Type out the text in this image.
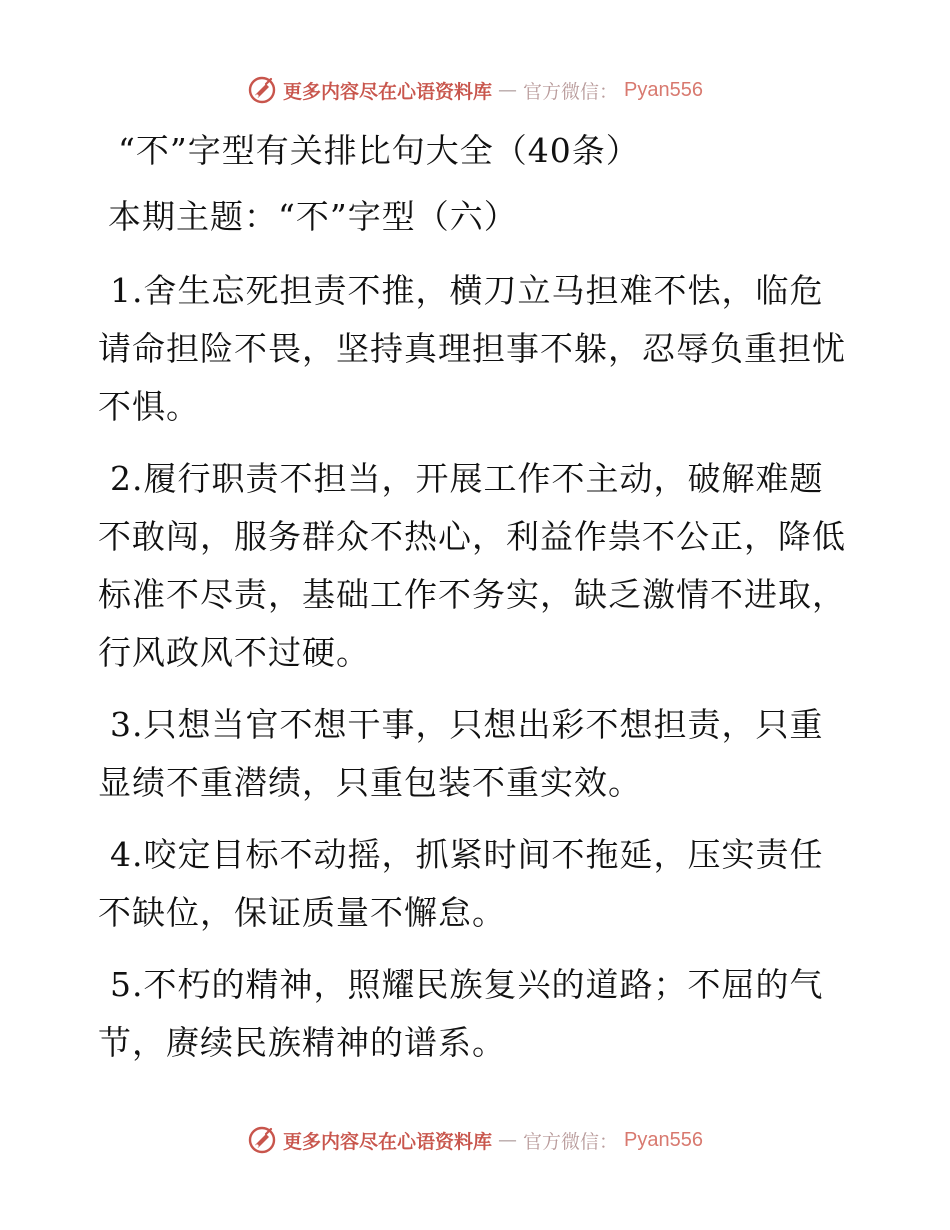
更多内容尽在心语资料库 — 官方微信： Pyan556
“不”字型有关排比句大全（40条）
本期主题：“不”字型（六）
1.舍生忘死担责不推，横刀立马担难不怯，临危
请命担险不畏，坚持真理担事不躲，忍辱负重担忧
不惧。
2.履行职责不担当，开展工作不主动，破解难题
不敢闯，服务群众不热心，利益作祟不公正，降低
标准不尽责，基础工作不务实，缺乏激情不进取，
行风政风不过硬。
3.只想当官不想干事，只想出彩不想担责，只重
显绩不重潜绩，只重包装不重实效。
4.咬定目标不动摇，抓紧时间不拖延，压实责任
不缺位，保证质量不懈怠。
5.不朽的精神，照耀民族复兴的道路；不屈的气
节，赓续民族精神的谱系。
更多内容尽在心语资料库 — 官方微信： Pyan556
